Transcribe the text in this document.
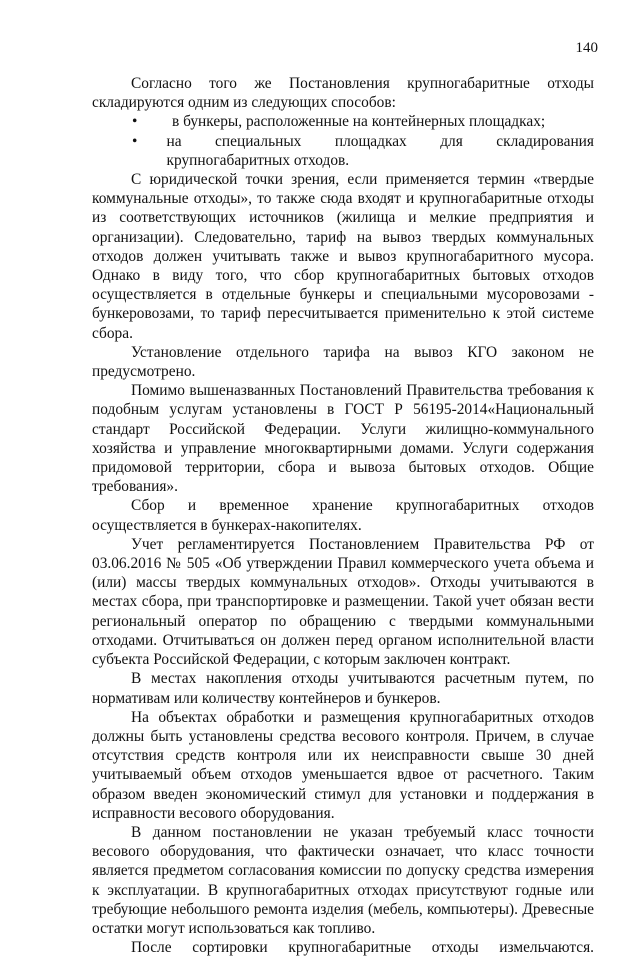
140

Согласно того же Постановления крупногабаритные отходы складируются одним из следующих способов:

•	в бункеры, расположенные на контейнерных площадках;
•	на специальных площадках для складирования крупногабаритных отходов.

С юридической точки зрения, если применяется термин «твердые коммунальные отходы», то также сюда входят и крупногабаритные отходы из соответствующих источников (жилища и мелкие предприятия и организации). Следовательно, тариф на вывоз твердых коммунальных отходов должен учитывать также и вывоз крупногабаритного мусора. Однако в виду того, что сбор крупногабаритных бытовых отходов осуществляется в отдельные бункеры и специальными мусоровозами - бункеровозами, то тариф пересчитывается применительно к этой системе сбора.

Установление отдельного тарифа на вывоз КГО законом не предусмотрено.

Помимо вышеназванных Постановлений Правительства требования к подобным услугам установлены в ГОСТ Р 56195-2014«Национальный стандарт Российской Федерации. Услуги жилищно-коммунального хозяйства и управление многоквартирными домами. Услуги содержания придомовой территории, сбора и вывоза бытовых отходов. Общие требования».

Сбор и временное хранение крупногабаритных отходов осуществляется в бункерах-накопителях.

Учет регламентируется Постановлением Правительства РФ от 03.06.2016 № 505 «Об утверждении Правил коммерческого учета объема и (или) массы твердых коммунальных отходов». Отходы учитываются в местах сбора, при транспортировке и размещении. Такой учет обязан вести региональный оператор по обращению с твердыми коммунальными отходами. Отчитываться он должен перед органом исполнительной власти субъекта Российской Федерации, с которым заключен контракт.

В местах накопления отходы учитываются расчетным путем, по нормативам или количеству контейнеров и бункеров.

На объектах обработки и размещения крупногабаритных отходов должны быть установлены средства весового контроля. Причем, в случае отсутствия средств контроля или их неисправности свыше 30 дней учитываемый объем отходов уменьшается вдвое от расчетного. Таким образом введен экономический стимул для установки и поддержания в исправности весового оборудования.

В данном постановлении не указан требуемый класс точности весового оборудования, что фактически означает, что класс точности является предметом согласования комиссии по допуску средства измерения к эксплуатации. В крупногабаритных отходах присутствуют годные или требующие небольшого ремонта изделия (мебель, компьютеры). Древесные остатки могут использоваться как топливо.

После сортировки крупногабаритные отходы измельчаются.
